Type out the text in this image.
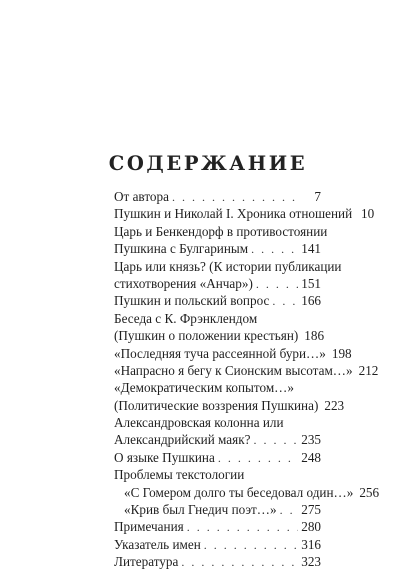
СОДЕРЖАНИЕ
От автора . . .	7
Пушкин и Николай I. Хроника отношений 10
Царь и Бенкендорф в противостоянии
Пушкина с Булгариным . . .	141
Царь или князь? (К истории публикации
стихотворения «Анчар») . . .	151
Пушкин и польский вопрос . . . 166
Беседа с К. Фрэнклендом
(Пушкин о положении крестьян) 186
«Последняя туча рассеянной бури…» 198
«Напрасно я бегу к Сионским высотам…» 212
«Демократическим копытом…»
(Политические воззрения Пушкина) 223
Александровская колонна или
Александрийский маяк? . . .	235
О языке Пушкина . . .	248
Проблемы текстологии
«С Гомером долго ты беседовал один…» 256
«Крив был Гнедич поэт…» . . . 275
Примечания . . .	280
Указатель имен . . .	316
Литература . . .	323
